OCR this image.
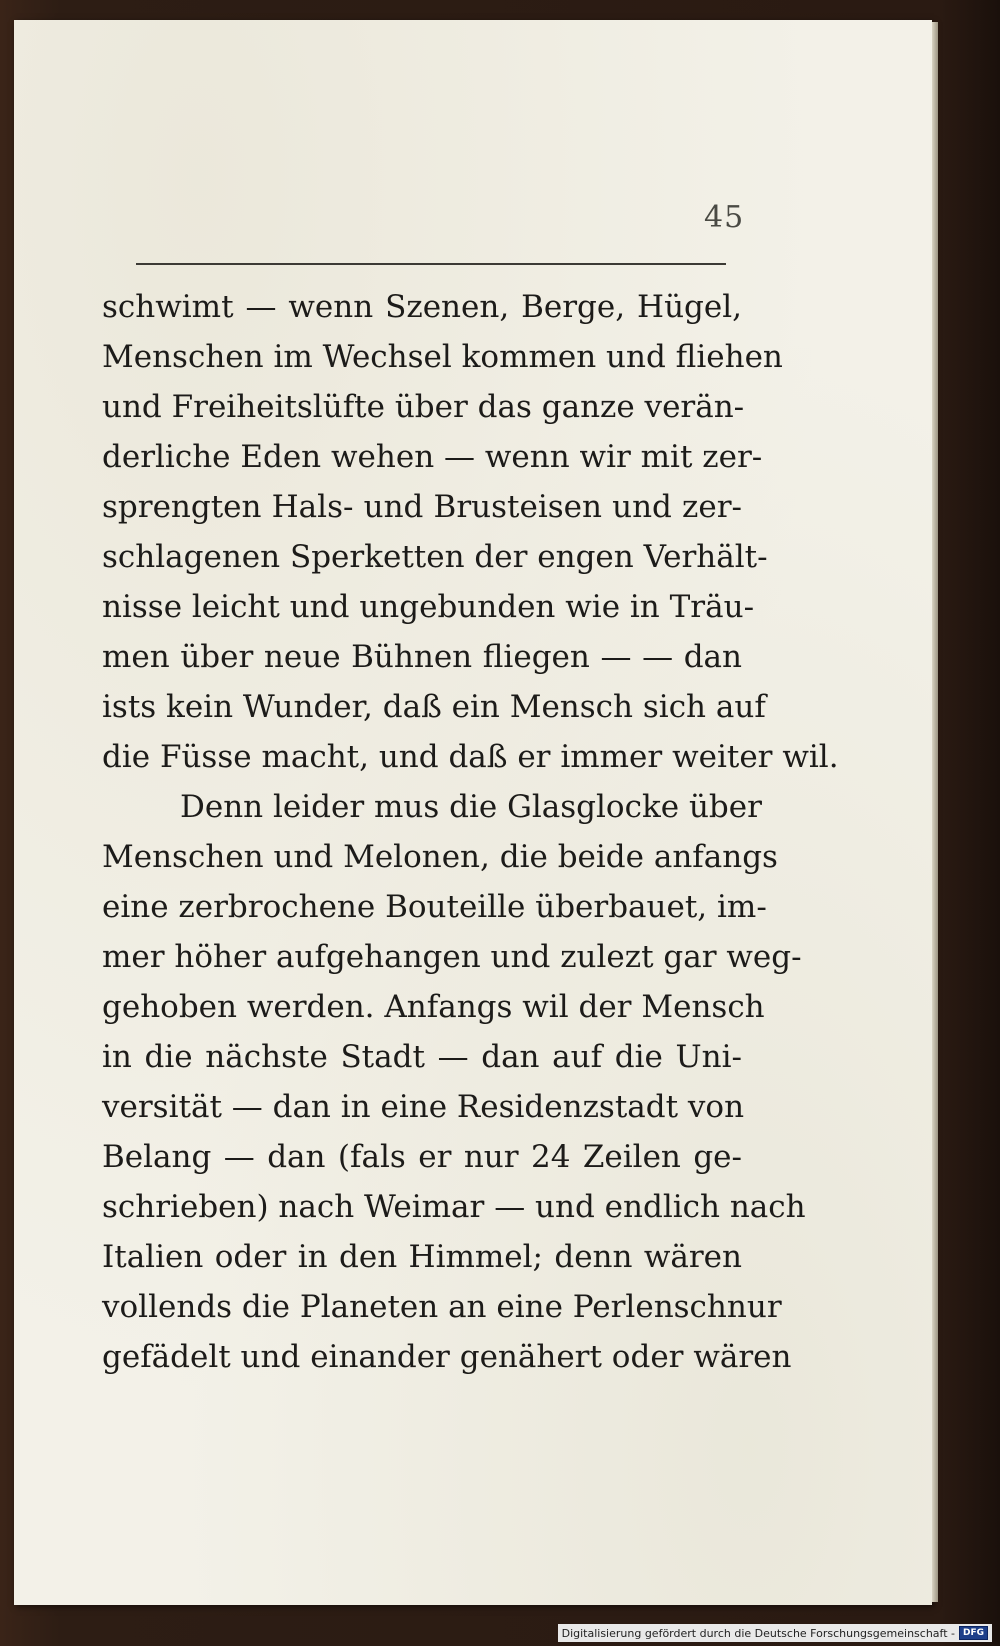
45
schwimt — wenn Szenen, Berge, Hügel,
Menschen im Wechsel kommen und fliehen
und Freiheitslüfte über das ganze verän-
derliche Eden wehen — wenn wir mit zer-
sprengten Hals- und Brusteisen und zer-
schlagenen Sperketten der engen Verhält-
nisse leicht und ungebunden wie in Träu-
men über neue Bühnen fliegen — — dan
ists kein Wunder, daß ein Mensch sich auf
die Füsse macht, und daß er immer weiter wil.
Denn leider mus die Glasglocke über
Menschen und Melonen, die beide anfangs
eine zerbrochene Bouteille überbauet, im-
mer höher aufgehangen und zulezt gar weg-
gehoben werden. Anfangs wil der Mensch
in die nächste Stadt — dan auf die Uni-
versität — dan in eine Residenzstadt von
Belang — dan (fals er nur 24 Zeilen ge-
schrieben) nach Weimar — und endlich nach
Italien oder in den Himmel; denn wären
vollends die Planeten an eine Perlenschnur
gefädelt und einander genähert oder wären
Digitalisierung gefördert durch die Deutsche Forschungsgemeinschaft - DFG
